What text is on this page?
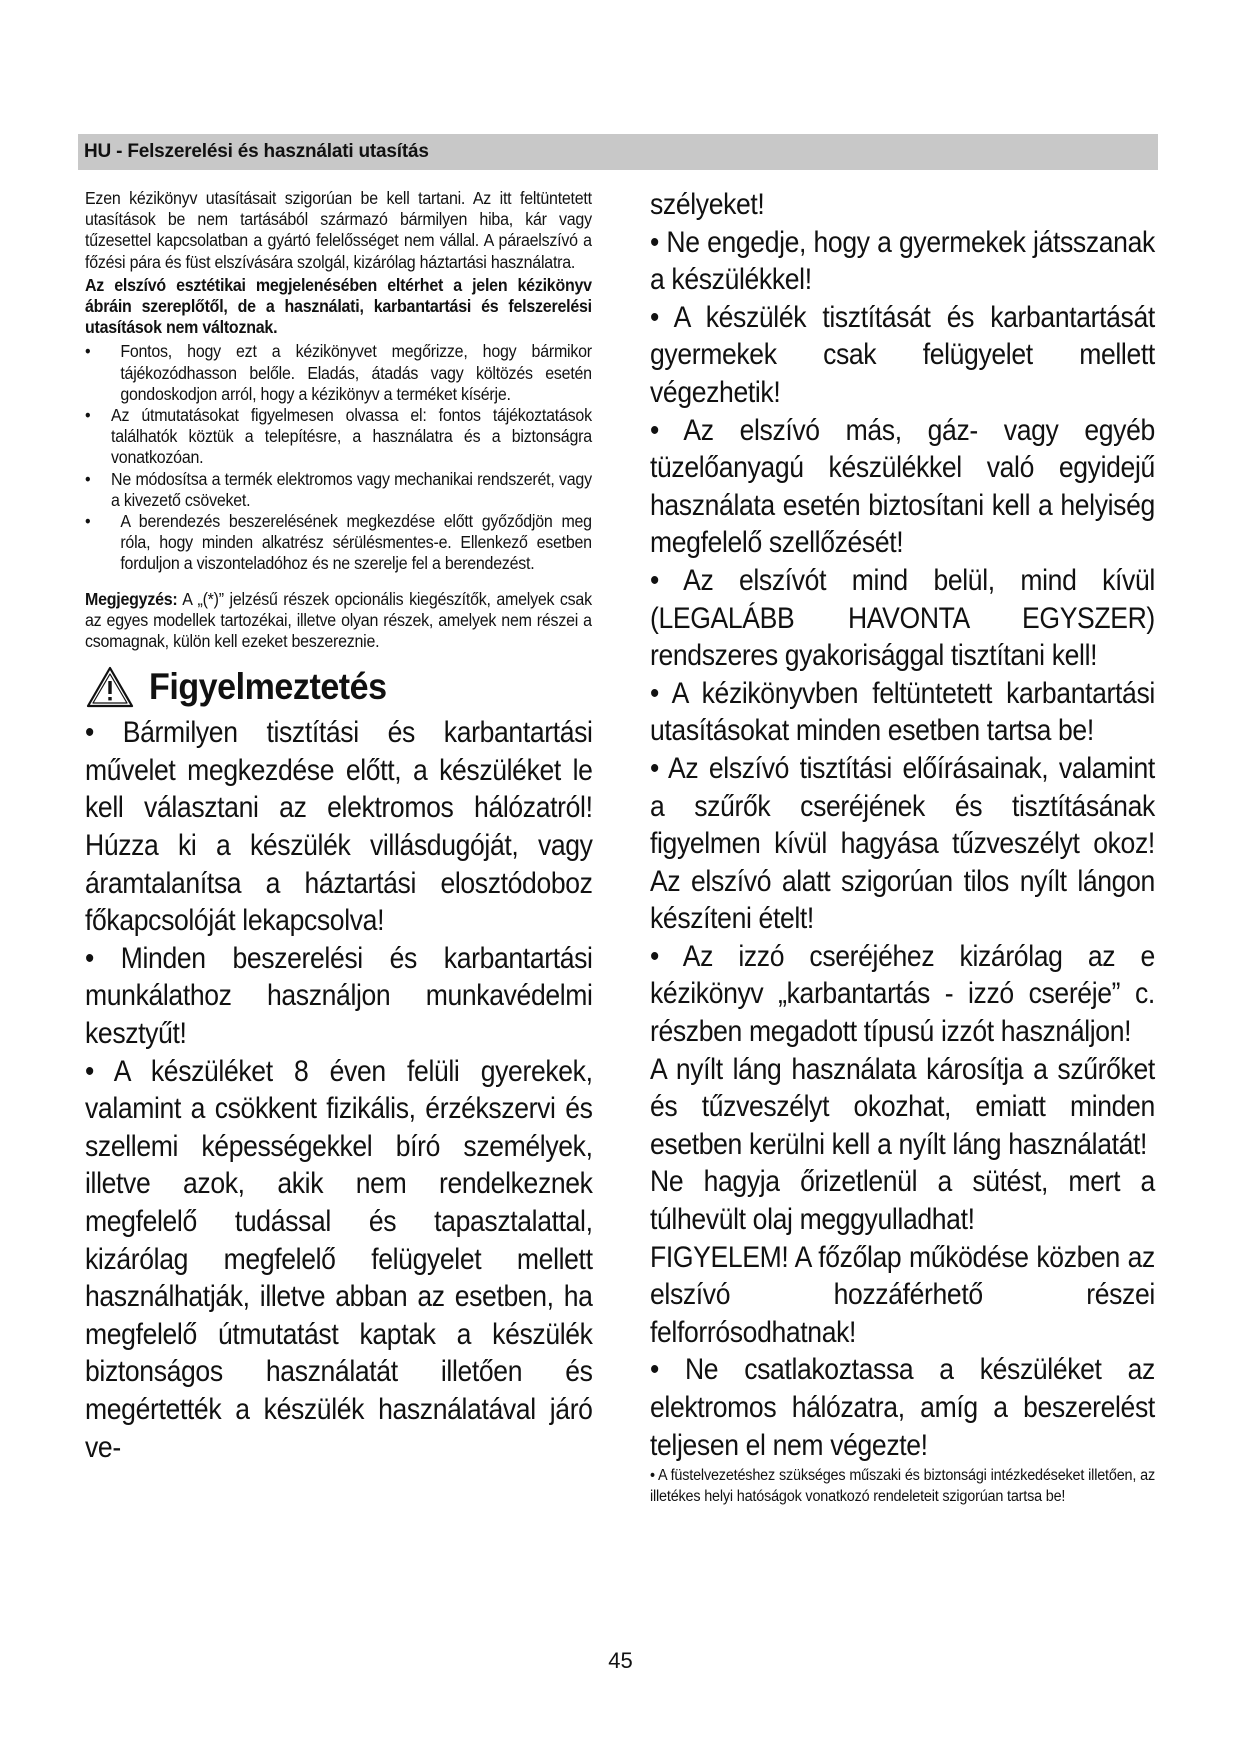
HU - Felszerelési és használati utasítás

Ezen kézikönyv utasításait szigorúan be kell tartani. Az itt feltüntetett utasítások be nem tartásából származó bármilyen hiba, kár vagy tűzesettel kapcsolatban a gyártó felelősséget nem vállal. A páraelszívó a főzési pára és füst elszívására szolgál, kizárólag háztartási használatra.

Az elszívó esztétikai megjelenésében eltérhet a jelen kézikönyv ábráin szereplőtől, de a használati, karbantartási és felszerelési utasítások nem változnak.

• Fontos, hogy ezt a kézikönyvet megőrizze, hogy bármikor tájékozódhasson belőle. Eladás, átadás vagy költözés esetén gondoskodjon arról, hogy a kézikönyv a terméket kísérje.
• Az útmutatásokat figyelmesen olvassa el: fontos tájékoztatások találhatók köztük a telepítésre, a használatra és a biztonságra vonatkozóan.
• Ne módosítsa a termék elektromos vagy mechanikai rendszerét, vagy a kivezető csöveket.
• A berendezés beszerelésének megkezdése előtt győződjön meg róla, hogy minden alkatrész sérülésmentes-e. Ellenkező esetben forduljon a viszonteladóhoz és ne szerelje fel a berendezést.

Megjegyzés: A „(*)” jelzésű részek opcionális kiegészítők, amelyek csak az egyes modellek tartozékai, illetve olyan részek, amelyek nem részei a csomagnak, külön kell ezeket beszereznie.

Figyelmeztetés

• Bármilyen tisztítási és karbantartási művelet megkezdése előtt, a készüléket le kell választani az elektromos hálózatról! Húzza ki a készülék villásdugóját, vagy áramtalanítsa a háztartási elosztódoboz főkapcsolóját lekapcsolva!

• Minden beszerelési és karbantartási munkálathoz használjon munkavédelmi kesztyűt!

• A készüléket 8 éven felüli gyerekek, valamint a csökkent fizikális, érzékszervi és szellemi képességekkel bíró személyek, illetve azok, akik nem rendelkeznek megfelelő tudással és tapasztalattal, kizárólag megfelelő felügyelet mellett használhatják, illetve abban az esetben, ha megfelelő útmutatást kaptak a készülék biztonságos használatát illetően és megértették a készülék használatával járó ve-

szélyeket!

• Ne engedje, hogy a gyermekek játsszanak a készülékkel!

• A készülék tisztítását és karbantartását gyermekek csak felügyelet mellett végezhetik!

• Az elszívó más, gáz- vagy egyéb tüzelőanyagú készülékkel való egyidejű használata esetén biztosítani kell a helyiség megfelelő szellőzését!

• Az elszívót mind belül, mind kívül (LEGALÁBB HAVONTA EGYSZER) rendszeres gyakorisággal tisztítani kell!

• A kézikönyvben feltüntetett karbantartási utasításokat minden esetben tartsa be!

• Az elszívó tisztítási előírásainak, valamint a szűrők cseréjének és tisztításának figyelmen kívül hagyása tűzveszélyt okoz! Az elszívó alatt szigorúan tilos nyílt lángon készíteni ételt!

• Az izzó cseréjéhez kizárólag az e kézikönyv „karbantartás - izzó cseréje” c. részben megadott típusú izzót használjon!

A nyílt láng használata károsítja a szűrőket és tűzveszélyt okozhat, emiatt minden esetben kerülni kell a nyílt láng használatát!

Ne hagyja őrizetlenül a sütést, mert a túlhevült olaj meggyulladhat!

FIGYELEM! A főzőlap működése közben az elszívó hozzáférhető részei felforrósodhatnak!

• Ne csatlakoztassa a készüléket az elektromos hálózatra, amíg a beszerelést teljesen el nem végezte!

• A füstelvezetéshez szükséges műszaki és biztonsági intézkedéseket illetően, az illetékes helyi hatóságok vonatkozó rendeleteit szigorúan tartsa be!

45
